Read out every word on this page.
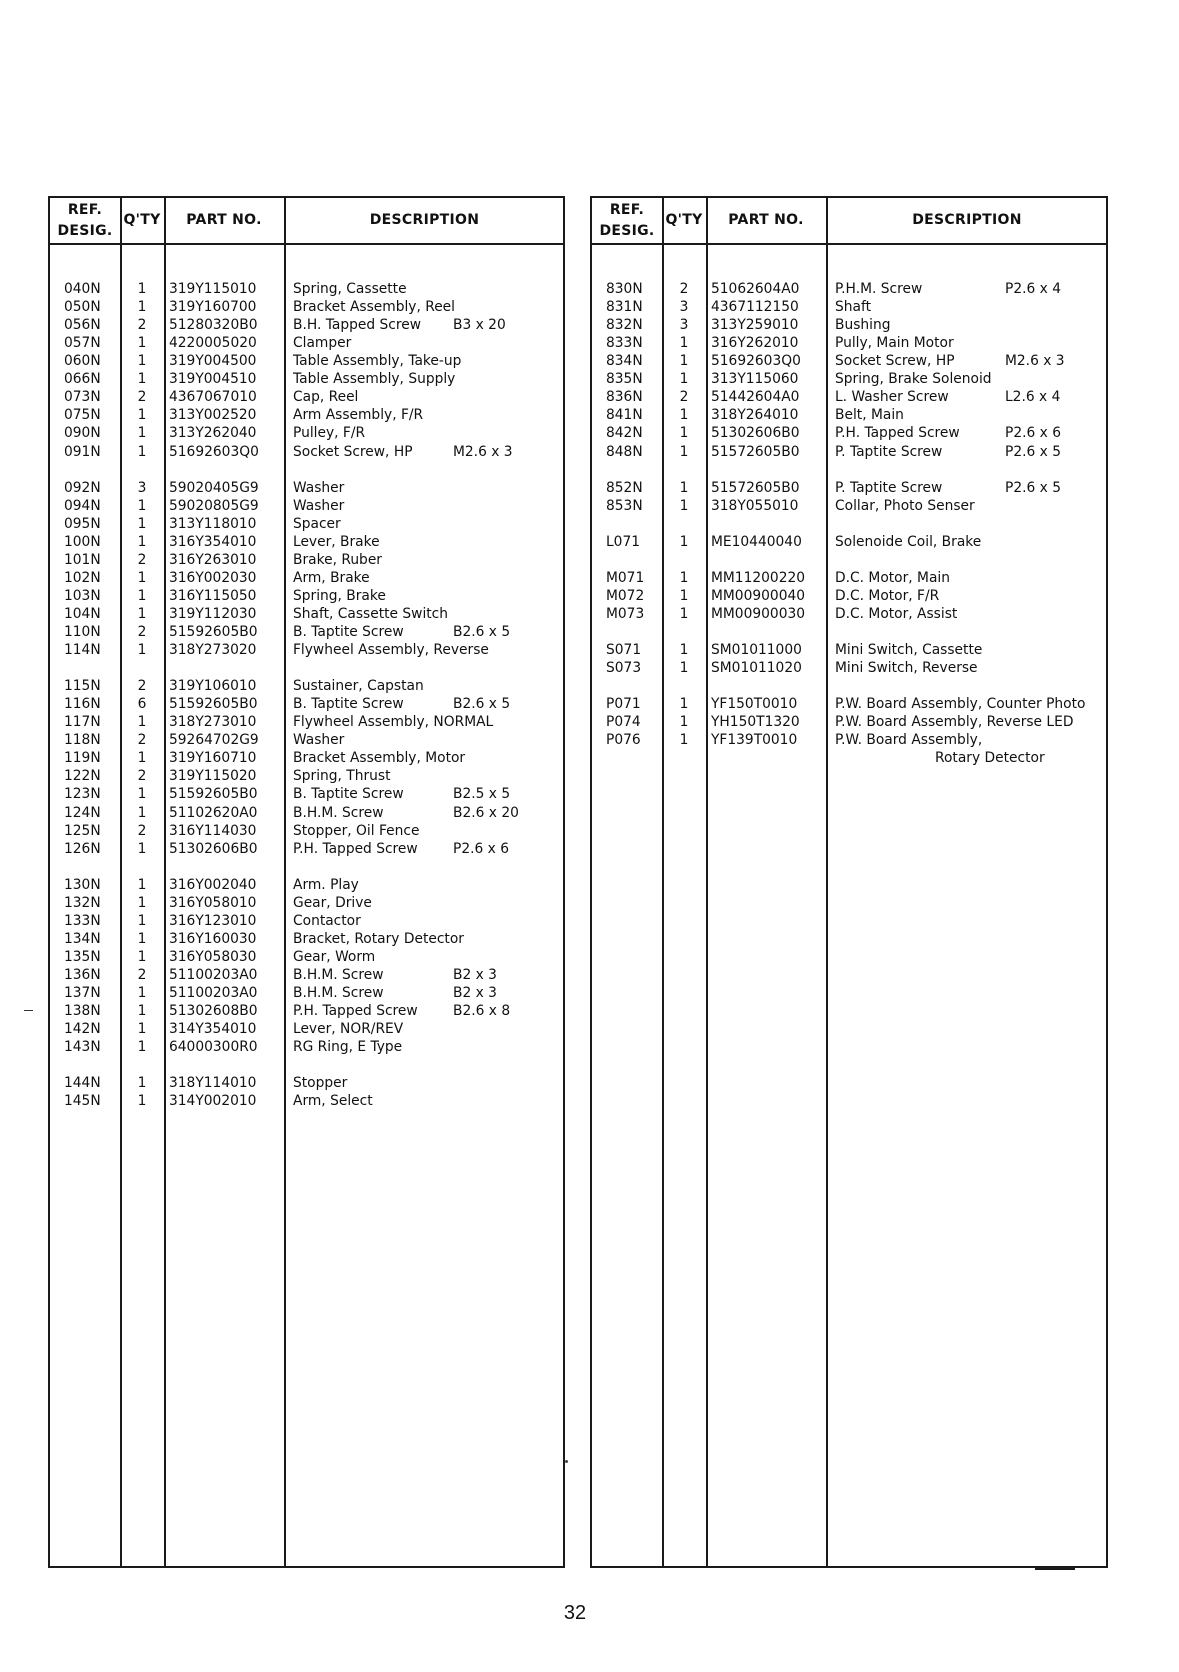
REF.
DESIG.
Q'TY	PART NO.	DESCRIPTION
040N	1 319Y115010	Spring, Cassette
050N	1 319Y160700	Bracket Assembly, Reel
056N	2 51280320B0	B.H. Tapped Screw B3 x 20
057N	1 4220005020	Clamper
060N	1 319Y004500	Table Assembly, Take-up
066N	1 319Y004510	Table Assembly, Supply
073N	2 4367067010	Cap, Reel
075N	1 313Y002520	Arm Assembly, F/R
090N	1 313Y262040	Pulley, F/R
091N	1 51692603Q0 Socket Screw, HP	M2.6 x 3
092N	3 59020405G9 Washer
094N	1 59020805G9 Washer
095N	1 313Y118010	Spacer
100N	1 316Y354010	Lever, Brake
101N	2 316Y263010	Brake, Ruber
102N	1 316Y002030	Arm, Brake
103N	1 316Y115050	Spring, Brake
104N	1 319Y112030	Shaft, Cassette Switch
110N	2 51592605B0	B. Taptite Screw	B2.6 x 5
114N	1 318Y273020	Flywheel Assembly, Reverse
115N	2 319Y106010	Sustainer, Capstan
116N	6 51592605B0	B. Taptite Screw	B2.6 x 5
117N	1 318Y273010	Flywheel Assembly, NORMAL
118N	2 59264702G9 Washer
119N	1 319Y160710	Bracket Assembly, Motor
122N	2 319Y115020	Spring, Thrust
123N	1 51592605B0	B. Taptite Screw	B2.5 x 5
124N	1 51102620A0	B.H.M. Screw	B2.6 x 20
125N	2 316Y114030	Stopper, Oil Fence
126N	1 51302606B0	P.H. Tapped Screw	P2.6 x 6
130N	1 316Y002040	Arm. Play
132N	1 316Y058010	Gear, Drive
133N	1 316Y123010	Contactor
134N	1 316Y160030	Bracket, Rotary Detector
135N	1 316Y058030	Gear, Worm
136N	2 51100203A0	B.H.M. Screw	B2 x 3
137N	1 51100203A0	B.H.M. Screw	B2 x 3
138N	1 51302608B0	P.H. Tapped Screw	B2.6 x 8
142N	1 314Y354010	Lever, NOR/REV
143N	1 64000300R0	RG Ring, E Type
144N	1 318Y114010	Stopper
145N	1 314Y002010	Arm, Select
REF.
DESIG.
Q'TY	PART NO.	DESCRIPTION
830N	2 51062604A0	P.H.M. Screw	P2.6 x 4
831N	3 4367112150	Shaft
832N	3 313Y259010	Bushing
833N	1 316Y262010	Pully, Main Motor
834N	1 51692603Q0 Socket Screw, HP	M2.6 x 3
835N	1 313Y115060	Spring, Brake Solenoid
836N	2 51442604A0	L. Washer Screw	L2.6 x 4
841N	1 318Y264010	Belt, Main
842N	1 51302606B0	P.H. Tapped Screw	P2.6 x 6
848N	1 51572605B0	P. Taptite Screw	P2.6 x 5
852N	1 51572605B0	P. Taptite Screw	P2.6 x 5
853N	1 318Y055010	Collar, Photo Senser
L071	1 ME10440040 Solenoide Coil, Brake
M071	1 MM11200220 D.C. Motor, Main
M072	1 MM00900040 D.C. Motor, F/R
M073	1 MM00900030 D.C. Motor, Assist
S071	1 SM01011000 Mini Switch, Cassette
S073	1 SM01011020 Mini Switch, Reverse
P071	1 YF150T0010	P.W. Board Assembly, Counter Photo
P074	1 YH150T1320	P.W. Board Assembly, Reverse LED
P076	1 YF139T0010	P.W. Board Assembly,
Rotary Detector
32
